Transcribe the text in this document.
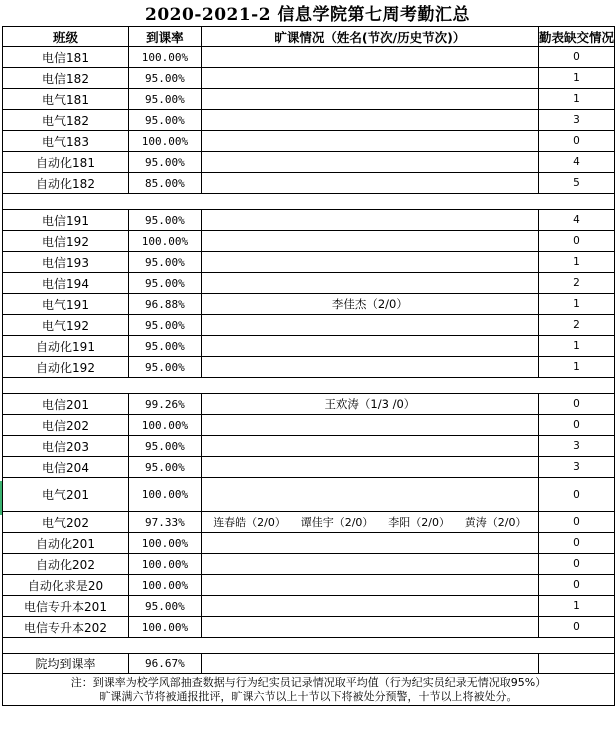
2020-2021-2 信息学院第七周考勤汇总
班级	到课率	旷课情况（姓名(节次/历史节次)）	勤表缺交情况
电信181	100.00%		0
电信182	95.00%		1
电气181	95.00%		1
电气182	95.00%		3
电气183	100.00%		0
自动化181	95.00%		4
自动化182	85.00%		5

电信191	95.00%		4
电信192	100.00%		0
电信193	95.00%		1
电信194	95.00%		2
电气191	96.88%	李佳杰（2/0）	1
电气192	95.00%		2
自动化191	95.00%		1
自动化192	95.00%		1

电信201	99.26%	王欢涛（1/3 /0）	0
电信202	100.00%		0
电信203	95.00%		3
电信204	95.00%		3
电气201	100.00%		0
电气202	97.33%	连春皓（2/0） 谭佳宇（2/0） 李阳（2/0） 黄涛（2/0）	0
自动化201	100.00%		0
自动化202	100.00%		0
自动化求是20	100.00%		0
电信专升本201	95.00%		1
电信专升本202	100.00%		0

院均到课率	96.67%		

注：到课率为校学风部抽查数据与行为纪实员记录情况取平均值（行为纪实员纪录无情况取95%）
旷课满六节将被通报批评，旷课六节以上十节以下将被处分预警，十节以上将被处分。			
